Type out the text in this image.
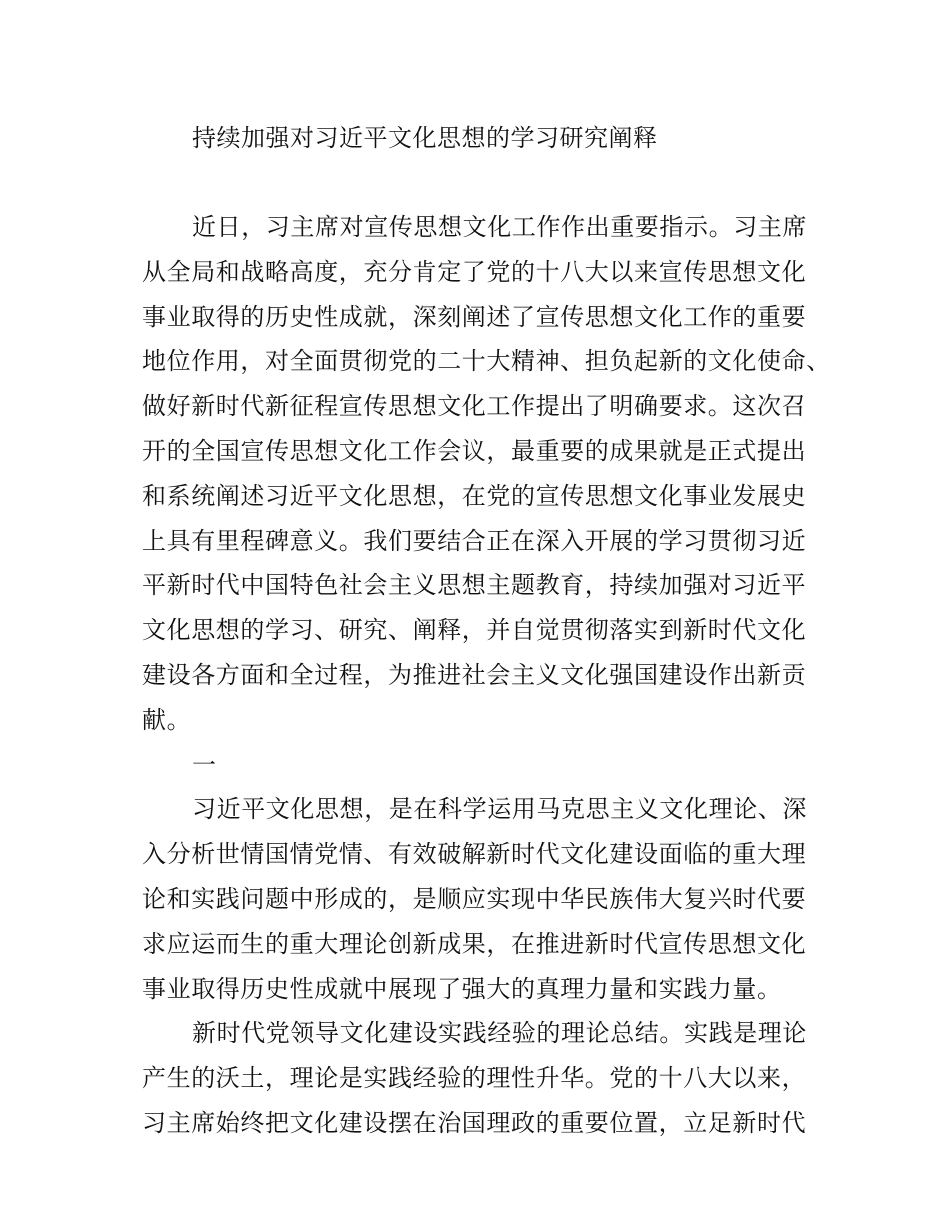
持续加强对习近平文化思想的学习研究阐释
近日，习主席对宣传思想文化工作作出重要指示。习主席
从全局和战略高度，充分肯定了党的十八大以来宣传思想文化
事业取得的历史性成就，深刻阐述了宣传思想文化工作的重要
地位作用，对全面贯彻党的二十大精神、担负起新的文化使命、
做好新时代新征程宣传思想文化工作提出了明确要求。这次召
开的全国宣传思想文化工作会议，最重要的成果就是正式提出
和系统阐述习近平文化思想，在党的宣传思想文化事业发展史
上具有里程碑意义。我们要结合正在深入开展的学习贯彻习近
平新时代中国特色社会主义思想主题教育，持续加强对习近平
文化思想的学习、研究、阐释，并自觉贯彻落实到新时代文化
建设各方面和全过程，为推进社会主义文化强国建设作出新贡
献。
一
习近平文化思想，是在科学运用马克思主义文化理论、深
入分析世情国情党情、有效破解新时代文化建设面临的重大理
论和实践问题中形成的，是顺应实现中华民族伟大复兴时代要
求应运而生的重大理论创新成果，在推进新时代宣传思想文化
事业取得历史性成就中展现了强大的真理力量和实践力量。
新时代党领导文化建设实践经验的理论总结。实践是理论
产生的沃土，理论是实践经验的理性升华。党的十八大以来，
习主席始终把文化建设摆在治国理政的重要位置，立足新时代
